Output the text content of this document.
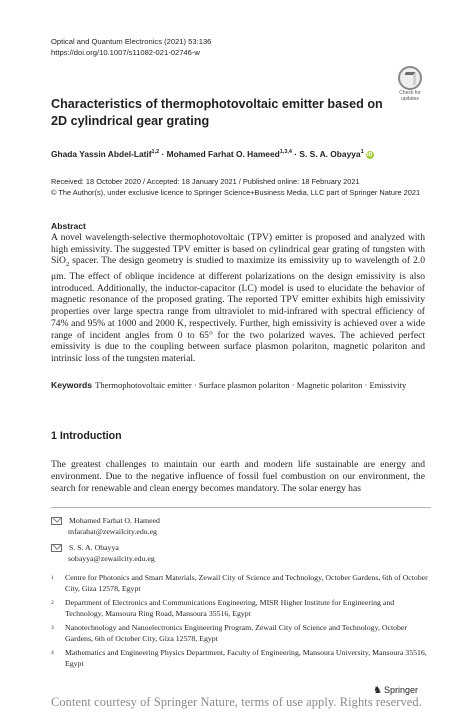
Optical and Quantum Electronics (2021) 53:136
https://doi.org/10.1007/s11082-021-02746-w
Check for
updates
Characteristics of thermophotovoltaic emitter based on 2D cylindrical gear grating
Ghada Yassin Abdel-Latif$^{1,2}$ · Mohamed Farhat O. Hameed$^{1,3,4}$ · S. S. A. Obayya$^1$ iD
Received: 18 October 2020 / Accepted: 18 January 2021 / Published online: 18 February 2021
© The Author(s), under exclusive licence to Springer Science+Business Media, LLC part of Springer Nature 2021
Abstract
A novel wavelength-selective thermophotovoltaic (TPV) emitter is proposed and analyzed with high emissivity. The suggested TPV emitter is based on cylindrical gear grating of tungsten with SiO$_2$ spacer. The design geometry is studied to maximize its emissivity up to wavelength of 2.0 μm. The effect of oblique incidence at different polarizations on the design emissivity is also introduced. Additionally, the inductor-capacitor (LC) model is used to elucidate the behavior of magnetic resonance of the proposed grating. The reported TPV emitter exhibits high emissivity properties over large spectra range from ultraviolet to mid-infrared with spectral efficiency of 74% and 95% at 1000 and 2000 K, respectively. Further, high emissivity is achieved over a wide range of incident angles from 0 to 65° for the two polarized waves. The achieved perfect emissivity is due to the coupling between surface plasmon polariton, magnetic polariton and intrinsic loss of the tungsten material.
Keywords Thermophotovoltaic emitter · Surface plasmon polariton · Magnetic polariton · Emissivity
1 Introduction
The greatest challenges to maintain our earth and modern life sustainable are energy and environment. Due to the negative influence of fossil fuel combustion on our environment, the search for renewable and clean energy becomes mandatory. The solar energy has
Mohamed Farhat O. Hameed
mfarahat@zewailcity.edu.eg
S. S. A. Obayya
sobayya@zewailcity.edu.eg
1 Centre for Photonics and Smart Materials, Zewail City of Science and Technology, October Gardens, 6th of October City, Giza 12578, Egypt
2 Department of Electronics and Communications Engineering, MISR Higher Institute for Engineering and Technology, Mansoura Ring Road, Mansoura 35516, Egypt
3 Nanotechnology and Nanoelectronics Engineering Program, Zewail City of Science and Technology, October Gardens, 6th of October City, Giza 12578, Egypt
4 Mathematics and Engineering Physics Department, Faculty of Engineering, Mansoura University, Mansoura 35516, Egypt
♞ Springer
Content courtesy of Springer Nature, terms of use apply. Rights reserved.
